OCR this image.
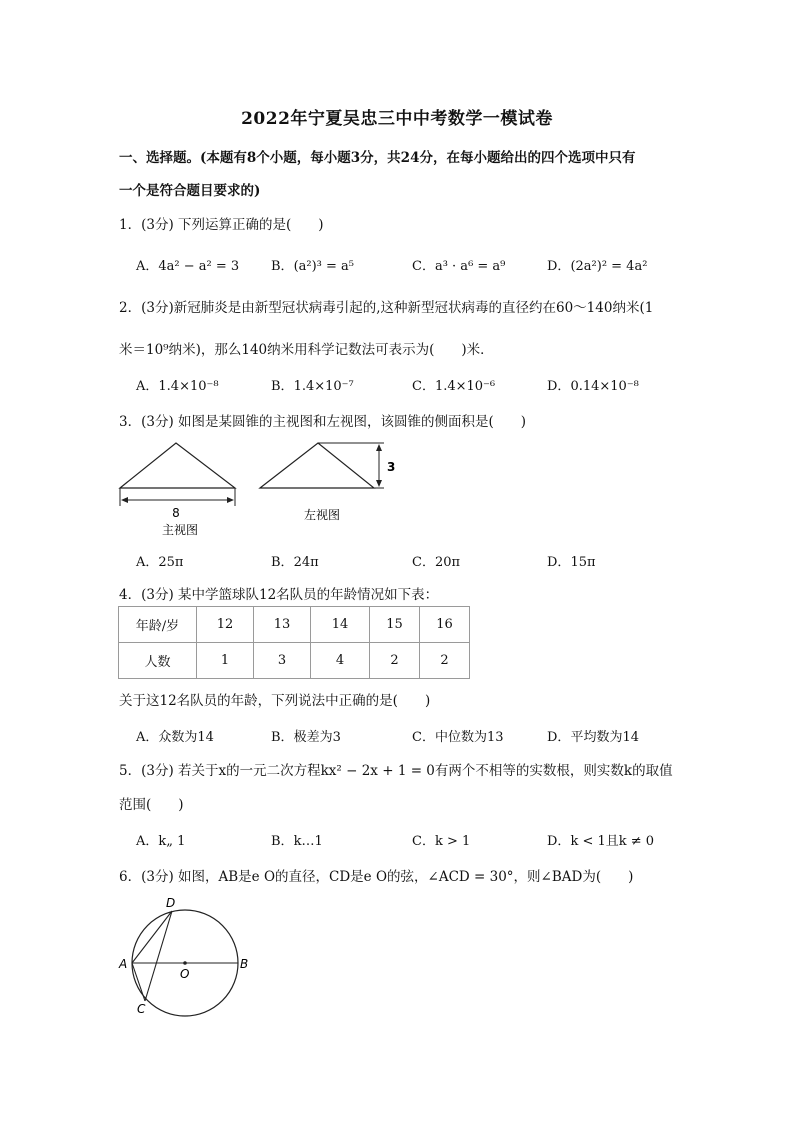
2022年宁夏吴忠三中中考数学一模试卷
一、选择题。(本题有8个小题，每小题3分，共24分，在每小题给出的四个选项中只有
一个是符合题目要求的)
1．(3分) 下列运算正确的是(　　)
A．4a² − a² = 3 B．(a²)³ = a⁵	C．a³ · a⁶ = a⁹	D．(2a²)² = 4a²
2．(3分)新冠肺炎是由新型冠状病毒引起的,这种新型冠状病毒的直径约在60～140纳米(1
米＝10⁹纳米)，那么140纳米用科学记数法可表示为(　　)米．
A．1.4×10⁻⁸	B．1.4×10⁻⁷	C．1.4×10⁻⁶	D．0.14×10⁻⁸
3．(3分) 如图是某圆锥的主视图和左视图，该圆锥的侧面积是(　　)
8
主视图
3
左视图
A．25π	B．24π	C．20π	D．15π
4．(3分) 某中学篮球队12名队员的年龄情况如下表：
年龄/岁	12	13	14	15	16
人数	1	3	4	2	2
关于这12名队员的年龄，下列说法中正确的是(　　)
A．众数为14	B．极差为3	C．中位数为13	D．平均数为14
5．(3分) 若关于x的一元二次方程kx² − 2x + 1 = 0有两个不相等的实数根，则实数k的取值
范围(　　)
A．k„ 1	B．k…1	C．k > 1	D．k < 1且k ≠ 0
6．(3分) 如图，AB是e O的直径，CD是e O的弦，∠ACD = 30°，则∠BAD为(　　)
A	B
C
D
O
